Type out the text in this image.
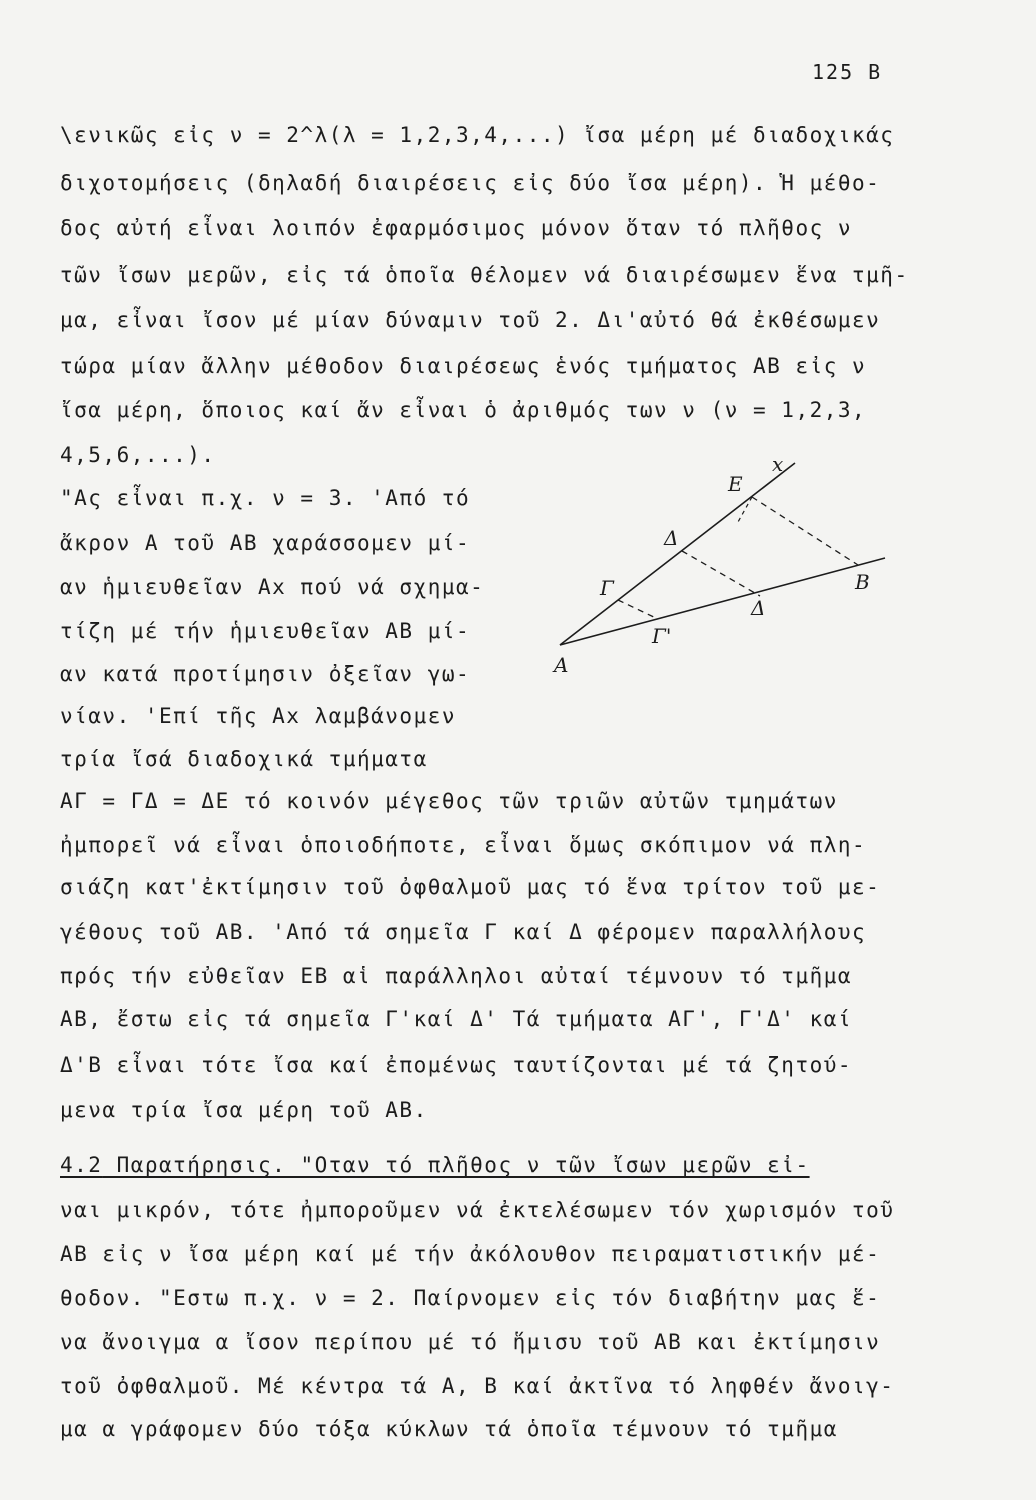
125 B
\ενικῶς εἰς ν = 2^λ(λ = 1,2,3,4,...) ἴσα μέρη μέ διαδοχικάς
διχοτομήσεις (δηλαδή διαιρέσεις εἰς δύο ἴσα μέρη). Ἡ μέθο-
δος αὐτή εἶναι λοιπόν ἐφαρμόσιμος μόνον ὅταν τό πλῆθος ν
τῶν ἴσων μερῶν, εἰς τά ὁποῖα θέλομεν νά διαιρέσωμεν ἕνα τμῆ-
μα, εἶναι ἴσον μέ μίαν δύναμιν τοῦ 2. Δι'αὐτό θά ἐκθέσωμεν
τώρα μίαν ἄλλην μέθοδον διαιρέσεως ἑνός τμήματος AB εἰς ν
ἴσα μέρη, ὅποιος καί ἄν εἶναι ὁ ἀριθμός των ν (ν = 1,2,3,
4,5,6,...).
"Ας εἶναι π.χ. ν = 3. 'Από τό
ἄκρον Α τοῦ AB χαράσσομεν μί-
αν ἡμιευθεῖαν Αx πού νά σχημα-
τίζη μέ τήν ἡμιευθεῖαν AB μί-
αν κατά προτίμησιν ὀξεῖαν γω-
νίαν. 'Επί τῆς Αx λαμβάνομεν
τρία ἴσά διαδοχικά τμήματα
ΑΓ = ΓΔ = ΔΕ τό κοινόν μέγεθος τῶν τριῶν αὐτῶν τμημάτων
ἠμπορεῖ νά εἶναι ὁποιοδήποτε, εἶναι ὅμως σκόπιμον νά πλη-
σιάζη κατ'ἐκτίμησιν τοῦ ὀφθαλμοῦ μας τό ἕνα τρίτον τοῦ με-
γέθους τοῦ AB. 'Από τά σημεῖα Γ καί Δ φέρομεν παραλλήλους
πρός τήν εὐθεῖαν EB αἱ παράλληλοι αὐταί τέμνουν τό τμῆμα
AB, ἔστω εἰς τά σημεῖα Γ'καί Δ' Τά τμήματα ΑΓ', Γ'Δ' καί
Δ'B εἶναι τότε ἴσα καί ἐπομένως ταυτίζονται μέ τά ζητού-
μενα τρία ἴσα μέρη τοῦ AB.
4.2 Παρατήρησις. "Οταν τό πλῆθος ν τῶν ἴσων μερῶν εἰ-
ναι μικρόν, τότε ἠμποροῦμεν νά ἐκτελέσωμεν τόν χωρισμόν τοῦ
AB εἰς ν ἴσα μέρη καί μέ τήν ἀκόλουθον πειραματιστικήν μέ-
θοδον. "Εστω π.χ. ν = 2. Παίρνομεν εἰς τόν διαβήτην μας ἕ-
να ἄνοιγμα α ἴσον περίπου μέ τό ἥμισυ τοῦ AB και ἐκτίμησιν
τοῦ ὀφθαλμοῦ. Μέ κέντρα τά Α, B καί ἀκτῖνα τό ληφθέν ἄνοιγ-
μα α γράφομεν δύο τόξα κύκλων τά ὁποῖα τέμνουν τό τμῆμα
x
E
Δ
Γ	B
Δ
Γ'
A
